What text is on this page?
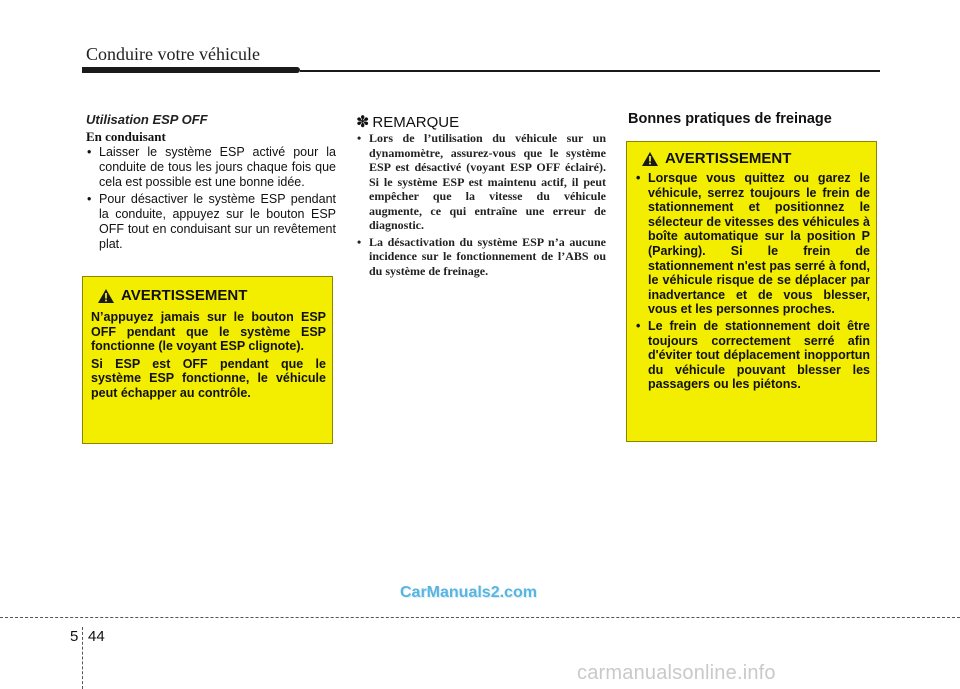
Conduire votre véhicule
Utilisation ESP OFF
En conduisant
• Laisser le système ESP activé pour la conduite de tous les jours chaque fois que cela est possible est une bonne idée.
• Pour désactiver le système ESP pendant la conduite, appuyez sur le bouton ESP OFF tout en conduisant sur un revêtement plat.
AVERTISSEMENT

N’appuyez jamais sur le bouton ESP OFF pendant que le système ESP fonctionne (le voyant ESP clignote).

Si ESP est OFF pendant que le système ESP fonctionne, le véhicule peut échapper au contrôle.

✽ REMARQUE
• Lors de l’utilisation du véhicule sur un dynamomètre, assurez-vous que le système ESP est désactivé (voyant ESP OFF éclairé). Si le système ESP est maintenu actif, il peut empêcher que la vitesse du véhicule augmente, ce qui entraîne une erreur de diagnostic.
• La désactivation du système ESP n’a aucune incidence sur le fonctionnement de l’ABS ou du système de freinage.
Bonnes pratiques de freinage
AVERTISSEMENT
• Lorsque vous quittez ou garez le véhicule, serrez toujours le frein de stationnement et positionnez le sélecteur de vitesses des véhicules à boîte automatique sur la position P (Parking). Si le frein de stationnement n'est pas serré à fond, le véhicule risque de se déplacer par inadvertance et de vous blesser, vous et les personnes proches.
• Le frein de stationnement doit être toujours correctement serré afin d'éviter tout déplacement inopportun du véhicule pouvant blesser les passagers ou les piétons.
CarManuals2.com
5 44
carmanualsonline.info
